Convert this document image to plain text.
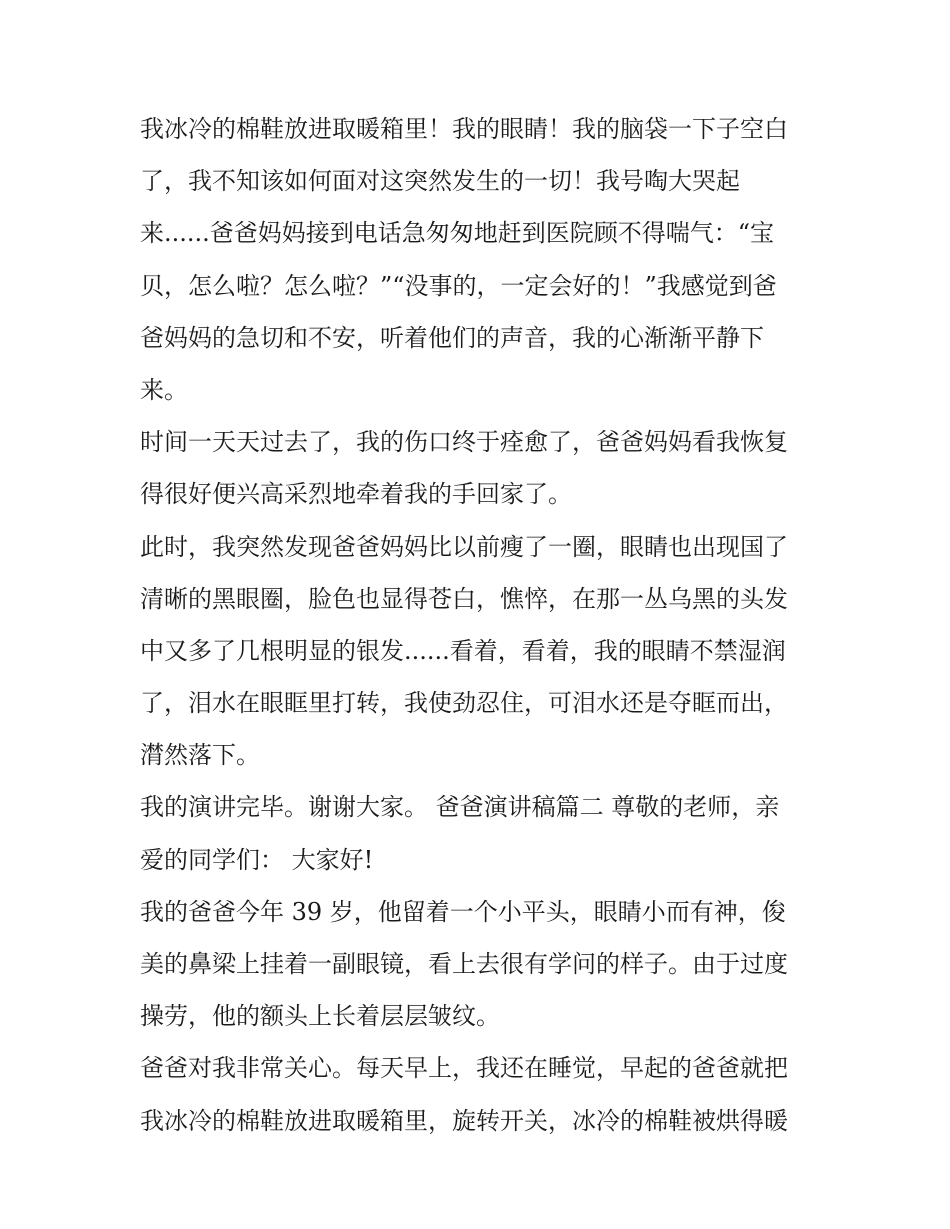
我冰冷的棉鞋放进取暖箱里！我的眼睛！我的脑袋一下子空白
了，我不知该如何面对这突然发生的一切！我号啕大哭起
来......爸爸妈妈接到电话急匆匆地赶到医院顾不得喘气：“宝
贝，怎么啦？怎么啦？”“没事的，一定会好的！”我感觉到爸
爸妈妈的急切和不安，听着他们的声音，我的心渐渐平静下
来。
时间一天天过去了，我的伤口终于痊愈了，爸爸妈妈看我恢复
得很好便兴高采烈地牵着我的手回家了。
此时，我突然发现爸爸妈妈比以前瘦了一圈，眼睛也出现国了
清晰的黑眼圈，脸色也显得苍白，憔悴，在那一丛乌黑的头发
中又多了几根明显的银发......看着，看着，我的眼睛不禁湿润
了，泪水在眼眶里打转，我使劲忍住，可泪水还是夺眶而出，
潸然落下。
我的演讲完毕。谢谢大家。 爸爸演讲稿篇二 尊敬的老师，亲
爱的同学们： 大家好!
我的爸爸今年 39 岁，他留着一个小平头，眼睛小而有神，俊
美的鼻梁上挂着一副眼镜，看上去很有学问的样子。由于过度
操劳，他的额头上长着层层皱纹。
爸爸对我非常关心。每天早上，我还在睡觉，早起的爸爸就把
我冰冷的棉鞋放进取暖箱里，旋转开关，冰冷的棉鞋被烘得暖
